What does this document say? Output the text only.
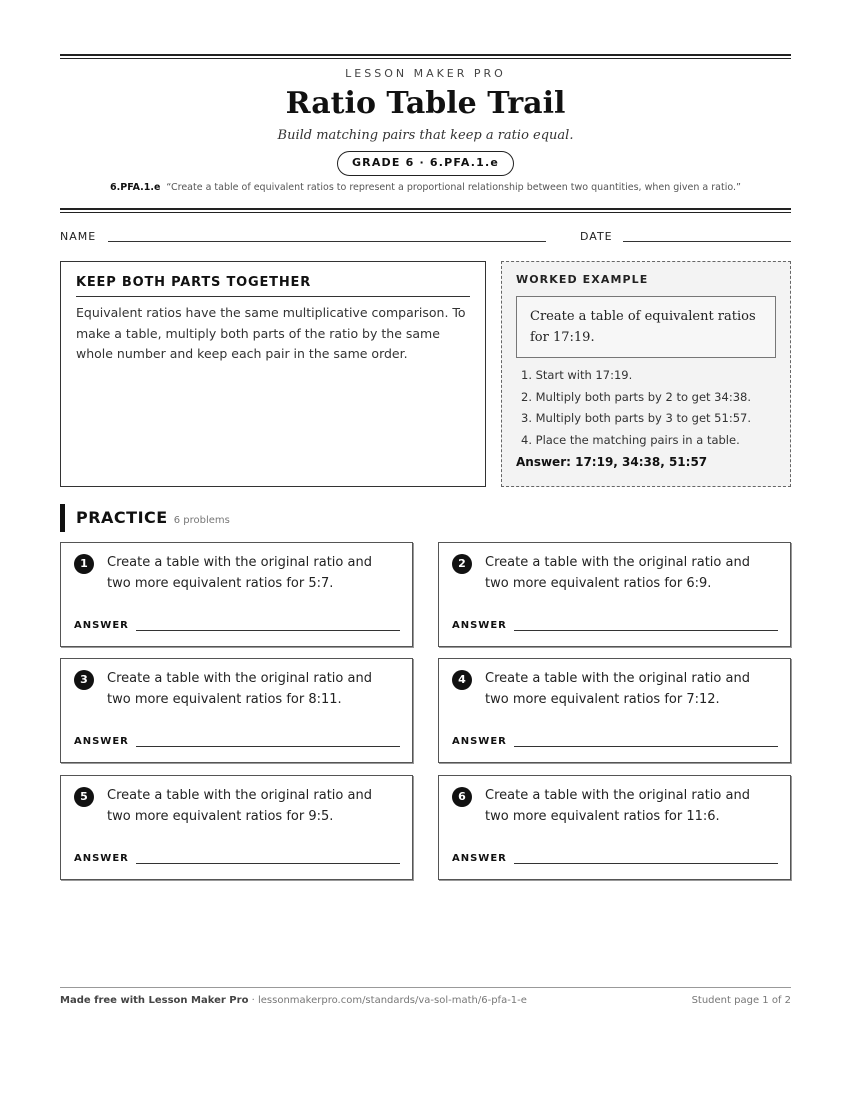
LESSON MAKER PRO
Ratio Table Trail
Build matching pairs that keep a ratio equal.
GRADE 6 · 6.PFA.1.e
6.PFA.1.e “Create a table of equivalent ratios to represent a proportional relationship between two quantities, when given a ratio.”
NAME	DATE
KEEP BOTH PARTS TOGETHER

Equivalent ratios have the same multiplicative comparison. To make a table, multiply both parts of the ratio by the same whole number and keep each pair in the same order.

WORKED EXAMPLE
Create a table of equivalent ratios for 17:19.
1. Start with 17:19.
2. Multiply both parts by 2 to get 34:38.
3. Multiply both parts by 3 to get 51:57.
4. Place the matching pairs in a table.
Answer: 17:19, 34:38, 51:57
PRACTICE 6 problems
1	Create a table with the original ratio and two more equivalent ratios for 5:7.
ANSWER
2	Create a table with the original ratio and two more equivalent ratios for 6:9.
ANSWER
3	Create a table with the original ratio and two more equivalent ratios for 8:11.
ANSWER
4	Create a table with the original ratio and two more equivalent ratios for 7:12.
ANSWER
5	Create a table with the original ratio and two more equivalent ratios for 9:5.
ANSWER
6	Create a table with the original ratio and two more equivalent ratios for 11:6.
ANSWER
Made free with Lesson Maker Pro · lessonmakerpro.com/standards/va-sol-math/6-pfa-1-e	Student page 1 of 2
